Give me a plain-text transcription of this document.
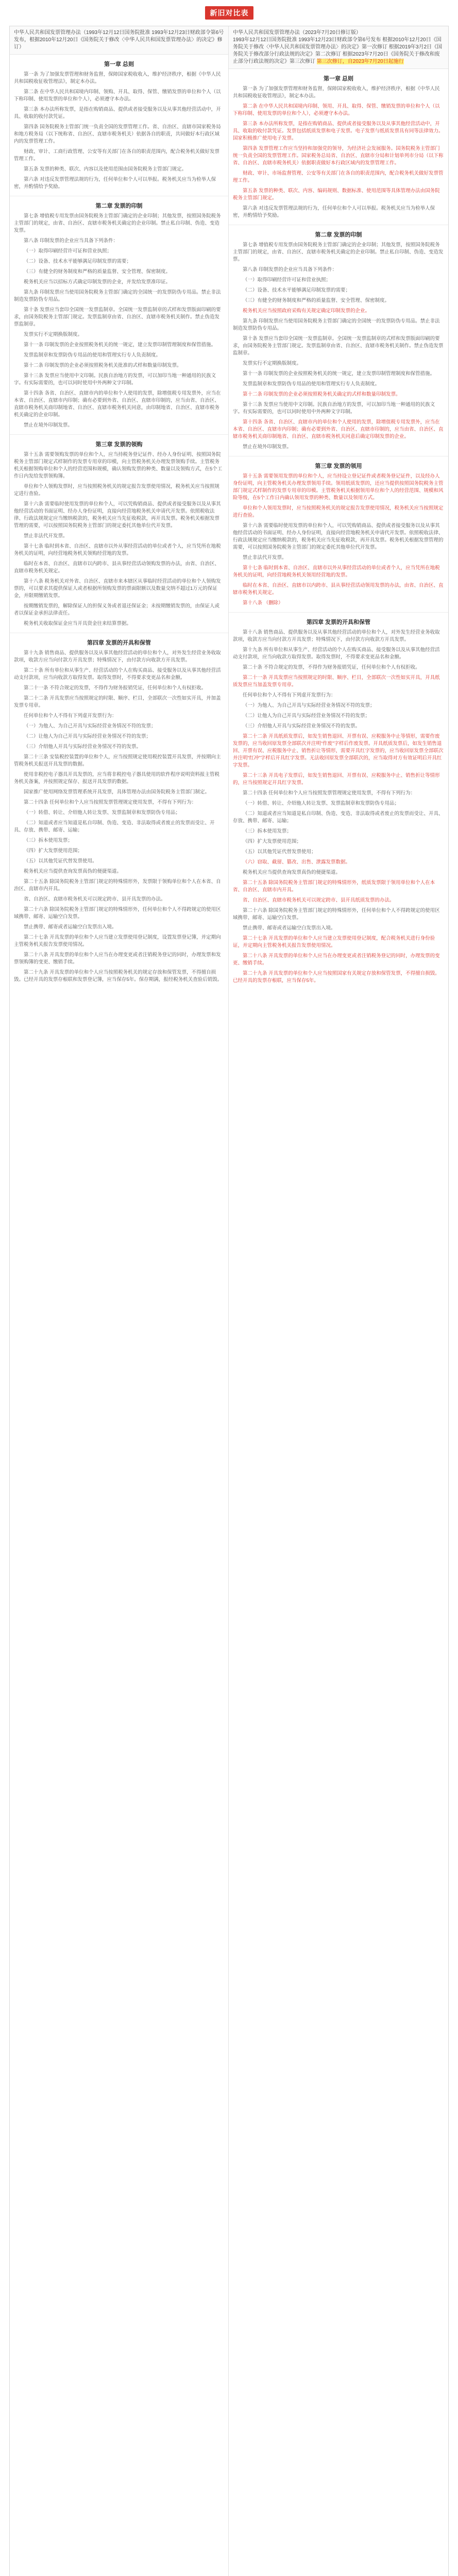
新旧对比表
中华人民共和国发票管理办法（1993年12月12日国务院批准 1993年12月23日财政部令第6号发布，根据2010年12月20日《国务院关于修改〈中华人民共和国发票管理办法〉的决定》修订）
第一章 总则

第一条 为了加强发票管理和财务监督，保障国家税收收入，维护经济秩序，根据《中华人民共和国税收征收管理法》，制定本办法。

第二条 在中华人民共和国境内印制、领购、开具、取得、保管、缴销发票的单位和个人（以下称印制、使用发票的单位和个人），必须遵守本办法。

第三条 本办法所称发票，是指在购销商品、提供或者接受服务以及从事其他经营活动中，开具、收取的收付款凭证。

第四条 国务院税务主管部门统一负责全国的发票管理工作。省、自治区、直辖市国家税务局和地方税务局（以下统称省、自治区、直辖市税务机关）依据各自的职责，共同做好本行政区域内的发票管理工作。

财政、审计、工商行政管理、公安等有关部门在各自的职责范围内，配合税务机关做好发票管理工作。

第五条 发票的种类、联次、内容以及使用范围由国务院税务主管部门规定。

第六条 对违反发票管理法规的行为，任何单位和个人可以举报。税务机关应当为检举人保密，并酌情给予奖励。

第二章 发票的印制

第七条 增值税专用发票由国务院税务主管部门确定的企业印制；其他发票，按照国务院税务主管部门的规定，由省、自治区、直辖市税务机关确定的企业印制。禁止私自印制、伪造、变造发票。

第八条 印制发票的企业应当具备下列条件：

（一）取得印刷经营许可证和营业执照；

（二）设备、技术水平能够满足印制发票的需要；

（三）有健全的财务制度和严格的质量监督、安全管理、保密制度。

税务机关应当以招标方式确定印制发票的企业，并发给发票准印证。

第九条 印制发票应当使用国务院税务主管部门确定的全国统一的发票防伪专用品。禁止非法制造发票防伪专用品。

第十条 发票应当套印全国统一发票监制章。全国统一发票监制章的式样和发票版面印刷的要求，由国务院税务主管部门规定。发票监制章由省、自治区、直辖市税务机关制作。禁止伪造发票监制章。

发票实行不定期换版制度。

第十一条 印制发票的企业按照税务机关的统一规定，建立发票印制管理制度和保管措施。

发票监制章和发票防伪专用品的使用和管理实行专人负责制度。

第十二条 印制发票的企业必须按照税务机关批准的式样和数量印制发票。

第十三条 发票应当使用中文印制。民族自治地方的发票，可以加印当地一种通用的民族文字。有实际需要的，也可以同时使用中外两种文字印制。

第十四条 各省、自治区、直辖市内的单位和个人使用的发票，除增值税专用发票外，应当在本省、自治区、直辖市内印制；确有必要到外省、自治区、直辖市印制的，应当由省、自治区、直辖市税务机关商印制地省、自治区、直辖市税务机关同意，由印制地省、自治区、直辖市税务机关确定的企业印制。

禁止在境外印制发票。

第三章 发票的领购

第十五条 需要领购发票的单位和个人，应当持税务登记证件、经办人身份证明、按照国务院税务主管部门规定式样制作的发票专用章的印模，向主管税务机关办理发票领购手续。主管税务机关根据领购单位和个人的经营范围和规模，确认领购发票的种类、数量以及领购方式，在5个工作日内发给发票领购簿。

单位和个人领购发票时，应当按照税务机关的规定报告发票使用情况，税务机关应当按照规定进行查验。

第十六条 需要临时使用发票的单位和个人，可以凭购销商品、提供或者接受服务以及从事其他经营活动的书面证明、经办人身份证明，直接向经营地税务机关申请代开发票。依照税收法律、行政法规规定应当缴纳税款的，税务机关应当先征收税款，再开具发票。税务机关根据发票管理的需要，可以按照国务院税务主管部门的规定委托其他单位代开发票。

禁止非法代开发票。

第十七条 临时到本省、自治区、直辖市以外从事经营活动的单位或者个人，应当凭所在地税务机关的证明，向经营地税务机关领购经营地的发票。

临时在本省、自治区、直辖市以内跨市、县从事经营活动领购发票的办法，由省、自治区、直辖市税务机关规定。

第十八条 税务机关对外省、自治区、直辖市来本辖区从事临时经营活动的单位和个人领购发票的，可以要求其提供保证人或者根据所领购发票的票面限额以及数量交纳不超过1万元的保证金，并限期缴销发票。

按期缴销发票的，解除保证人的担保义务或者退还保证金；未按期缴销发票的，由保证人或者以保证金承担法律责任。

税务机关收取保证金应当开具资金往来结算票据。

第四章 发票的开具和保管

第十九条 销售商品、提供服务以及从事其他经营活动的单位和个人，对外发生经营业务收取款项，收款方应当向付款方开具发票；特殊情况下，由付款方向收款方开具发票。

第二十条 所有单位和从事生产、经营活动的个人在购买商品、接受服务以及从事其他经营活动支付款项，应当向收款方取得发票。取得发票时，不得要求变更品名和金额。

第二十一条 不符合规定的发票，不得作为财务报销凭证，任何单位和个人有权拒收。

第二十二条 开具发票应当按照规定的时限、顺序、栏目，全部联次一次性如实开具，并加盖发票专用章。

任何单位和个人不得有下列虚开发票行为：

（一）为他人、为自己开具与实际经营业务情况不符的发票；

（二）让他人为自己开具与实际经营业务情况不符的发票；

（三）介绍他人开具与实际经营业务情况不符的发票。

第二十三条 安装税控装置的单位和个人，应当按照规定使用税控装置开具发票，并按期向主管税务机关报送开具发票的数据。

使用非税控电子器具开具发票的，应当将非税控电子器具使用的软件程序说明资料报主管税务机关备案，并按照规定保存、报送开具发票的数据。

国家推广使用网络发票管理系统开具发票，具体管理办法由国务院税务主管部门制定。

第二十四条 任何单位和个人应当按照发票管理规定使用发票，不得有下列行为：

（一）转借、转让、介绍他人转让发票、发票监制章和发票防伪专用品；

（二）知道或者应当知道是私自印制、伪造、变造、非法取得或者废止的发票而受让、开具、存放、携带、邮寄、运输；

（三）拆本使用发票；

（四）扩大发票使用范围；

（五）以其他凭证代替发票使用。

税务机关应当提供查询发票真伪的便捷渠道。

第二十五条 除国务院税务主管部门规定的特殊情形外，发票限于领购单位和个人在本省、自治区、直辖市内开具。

省、自治区、直辖市税务机关可以规定跨市、县开具发票的办法。

第二十六条 除国务院税务主管部门规定的特殊情形外，任何单位和个人不得跨规定的使用区域携带、邮寄、运输空白发票。

禁止携带、邮寄或者运输空白发票出入境。

第二十七条 开具发票的单位和个人应当建立发票使用登记制度，设置发票登记簿，并定期向主管税务机关报告发票使用情况。

第二十八条 开具发票的单位和个人应当在办理变更或者注销税务登记的同时，办理发票和发票领购簿的变更、缴销手续。

第二十九条 开具发票的单位和个人应当按照税务机关的规定存放和保管发票，不得擅自损毁。已经开具的发票存根联和发票登记簿，应当保存5年。保存期满，报经税务机关查验后销毁。

中华人民共和国发票管理办法（2023年7月20日修订版）
1993年12月12日国务院批准 1993年12月23日财政部令第6号发布 根据2010年12月20日《国务院关于修改〈中华人民共和国发票管理办法〉的决定》第一次修订 根据2019年3月2日《国务院关于修改部分行政法规的决定》第二次修订 根据2023年7月20日《国务院关于修改和废止部分行政法规的决定》第三次修订 第三次修订，自2023年7月20日起施行
第一章 总则

第一条 为了加强发票管理和财务监督，保障国家税收收入，维护经济秩序，根据《中华人民共和国税收征收管理法》，制定本办法。

第二条 在中华人民共和国境内印制、领用、开具、取得、保管、缴销发票的单位和个人（以下称印制、使用发票的单位和个人），必须遵守本办法。

第三条 本办法所称发票，是指在购销商品、提供或者接受服务以及从事其他经营活动中，开具、收取的收付款凭证。发票包括纸质发票和电子发票。电子发票与纸质发票具有同等法律效力。国家积极推广使用电子发票。

第四条 发票管理工作应当坚持和加强党的领导，为经济社会发展服务。国务院税务主管部门统一负责全国的发票管理工作。国家税务总局省、自治区、直辖市分局和计划单列市分局（以下称省、自治区、直辖市税务机关）依据职责做好本行政区域内的发票管理工作。

财政、审计、市场监督管理、公安等有关部门在各自的职责范围内，配合税务机关做好发票管理工作。

第五条 发票的种类、联次、内容、编码规则、数据标准、使用范围等具体管理办法由国务院税务主管部门规定。

第六条 对违反发票管理法规的行为，任何单位和个人可以举报。税务机关应当为检举人保密，并酌情给予奖励。

第二章 发票的印制

第七条 增值税专用发票由国务院税务主管部门确定的企业印制；其他发票，按照国务院税务主管部门的规定，由省、自治区、直辖市税务机关确定的企业印制。禁止私自印制、伪造、变造发票。

第八条 印制发票的企业应当具备下列条件：

（一）取得印刷经营许可证和营业执照；

（二）设备、技术水平能够满足印制发票的需要；

（三）有健全的财务制度和严格的质量监督、安全管理、保密制度。

税务机关应当按照政府采购有关规定确定印制发票的企业。

第九条 印制发票应当使用国务院税务主管部门确定的全国统一的发票防伪专用品。禁止非法制造发票防伪专用品。

第十条 发票应当套印全国统一发票监制章。全国统一发票监制章的式样和发票版面印刷的要求，由国务院税务主管部门规定。发票监制章由省、自治区、直辖市税务机关制作。禁止伪造发票监制章。

发票实行不定期换版制度。

第十一条 印制发票的企业按照税务机关的统一规定，建立发票印制管理制度和保管措施。

发票监制章和发票防伪专用品的使用和管理实行专人负责制度。

第十二条 印制发票的企业必须按照税务机关确定的式样和数量印制发票。

第十三条 发票应当使用中文印制。民族自治地方的发票，可以加印当地一种通用的民族文字。有实际需要的，也可以同时使用中外两种文字印制。

第十四条 各省、自治区、直辖市内的单位和个人使用的发票，除增值税专用发票外，应当在本省、自治区、直辖市内印制；确有必要到外省、自治区、直辖市印制的，应当由省、自治区、直辖市税务机关商印制地省、自治区、直辖市税务机关同意后确定印制发票的企业。

禁止在境外印制发票。

第三章 发票的领用

第十五条 需要领用发票的单位和个人，应当持设立登记证件或者税务登记证件，以及经办人身份证明，向主管税务机关办理发票领用手续。领用纸质发票的，还应当提供按照国务院税务主管部门规定式样制作的发票专用章的印模。主管税务机关根据领用单位和个人的经营范围、规模和风险等级，在5个工作日内确认领用发票的种类、数量以及领用方式。

单位和个人领用发票时，应当按照税务机关的规定报告发票使用情况，税务机关应当按照规定进行查验。

第十六条 需要临时使用发票的单位和个人，可以凭购销商品、提供或者接受服务以及从事其他经营活动的书面证明、经办人身份证明，直接向经营地税务机关申请代开发票。依照税收法律、行政法规规定应当缴纳税款的，税务机关应当先征收税款，再开具发票。税务机关根据发票管理的需要，可以按照国务院税务主管部门的规定委托其他单位代开发票。

禁止非法代开发票。

第十七条 临时到本省、自治区、直辖市以外从事经营活动的单位或者个人，应当凭所在地税务机关的证明，向经营地税务机关领用经营地的发票。

临时在本省、自治区、直辖市以内跨市、县从事经营活动领用发票的办法，由省、自治区、直辖市税务机关规定。

第十八条 （删除）

第四章 发票的开具和保管

第十八条 销售商品、提供服务以及从事其他经营活动的单位和个人，对外发生经营业务收取款项，收款方应当向付款方开具发票；特殊情况下，由付款方向收款方开具发票。

第十九条 所有单位和从事生产、经营活动的个人在购买商品、接受服务以及从事其他经营活动支付款项，应当向收款方取得发票。取得发票时，不得要求变更品名和金额。

第二十条 不符合规定的发票，不得作为财务报销凭证，任何单位和个人有权拒收。

第二十一条 开具发票应当按照规定的时限、顺序、栏目，全部联次一次性如实开具，开具纸质发票应当加盖发票专用章。

任何单位和个人不得有下列虚开发票行为：

（一）为他人、为自己开具与实际经营业务情况不符的发票；

（二）让他人为自己开具与实际经营业务情况不符的发票；

（三）介绍他人开具与实际经营业务情况不符的发票。

第二十二条 开具纸质发票后，如发生销售退回、开票有误、应税服务中止等情形，需要作废发票的，应当收回原发票全部联次并注明“作废”字样后作废发票。开具纸质发票后，如发生销售退回、开票有误、应税服务中止、销售折让等情形，需要开具红字发票的，应当收回原发票全部联次并注明“红冲”字样后开具红字发票。无法收回原发票全部联次的，应当取得对方有效证明后开具红字发票。

第二十三条 开具电子发票后，如发生销售退回、开票有误、应税服务中止、销售折让等情形的，应当按照规定开具红字发票。

第二十四条 任何单位和个人应当按照发票管理规定使用发票，不得有下列行为：

（一）转借、转让、介绍他人转让发票、发票监制章和发票防伪专用品；

（二）知道或者应当知道是私自印制、伪造、变造、非法取得或者废止的发票而受让、开具、存放、携带、邮寄、运输；

（三）拆本使用发票；

（四）扩大发票使用范围；

（五）以其他凭证代替发票使用；

（六）窃取、截留、篡改、出售、泄露发票数据。

税务机关应当提供查询发票真伪的便捷渠道。

第二十五条 除国务院税务主管部门规定的特殊情形外，纸质发票限于领用单位和个人在本省、自治区、直辖市内开具。

省、自治区、直辖市税务机关可以规定跨市、县开具纸质发票的办法。

第二十六条 除国务院税务主管部门规定的特殊情形外，任何单位和个人不得跨规定的使用区域携带、邮寄、运输空白发票。

禁止携带、邮寄或者运输空白发票出入境。

第二十七条 开具发票的单位和个人应当建立发票使用登记制度，配合税务机关进行身份验证，并定期向主管税务机关报告发票使用情况。

第二十八条 开具发票的单位和个人应当在办理变更或者注销税务登记的同时，办理发票的变更、缴销手续。

第二十九条 开具发票的单位和个人应当按照国家有关规定存放和保管发票，不得擅自损毁。已经开具的发票存根联，应当保存5年。
